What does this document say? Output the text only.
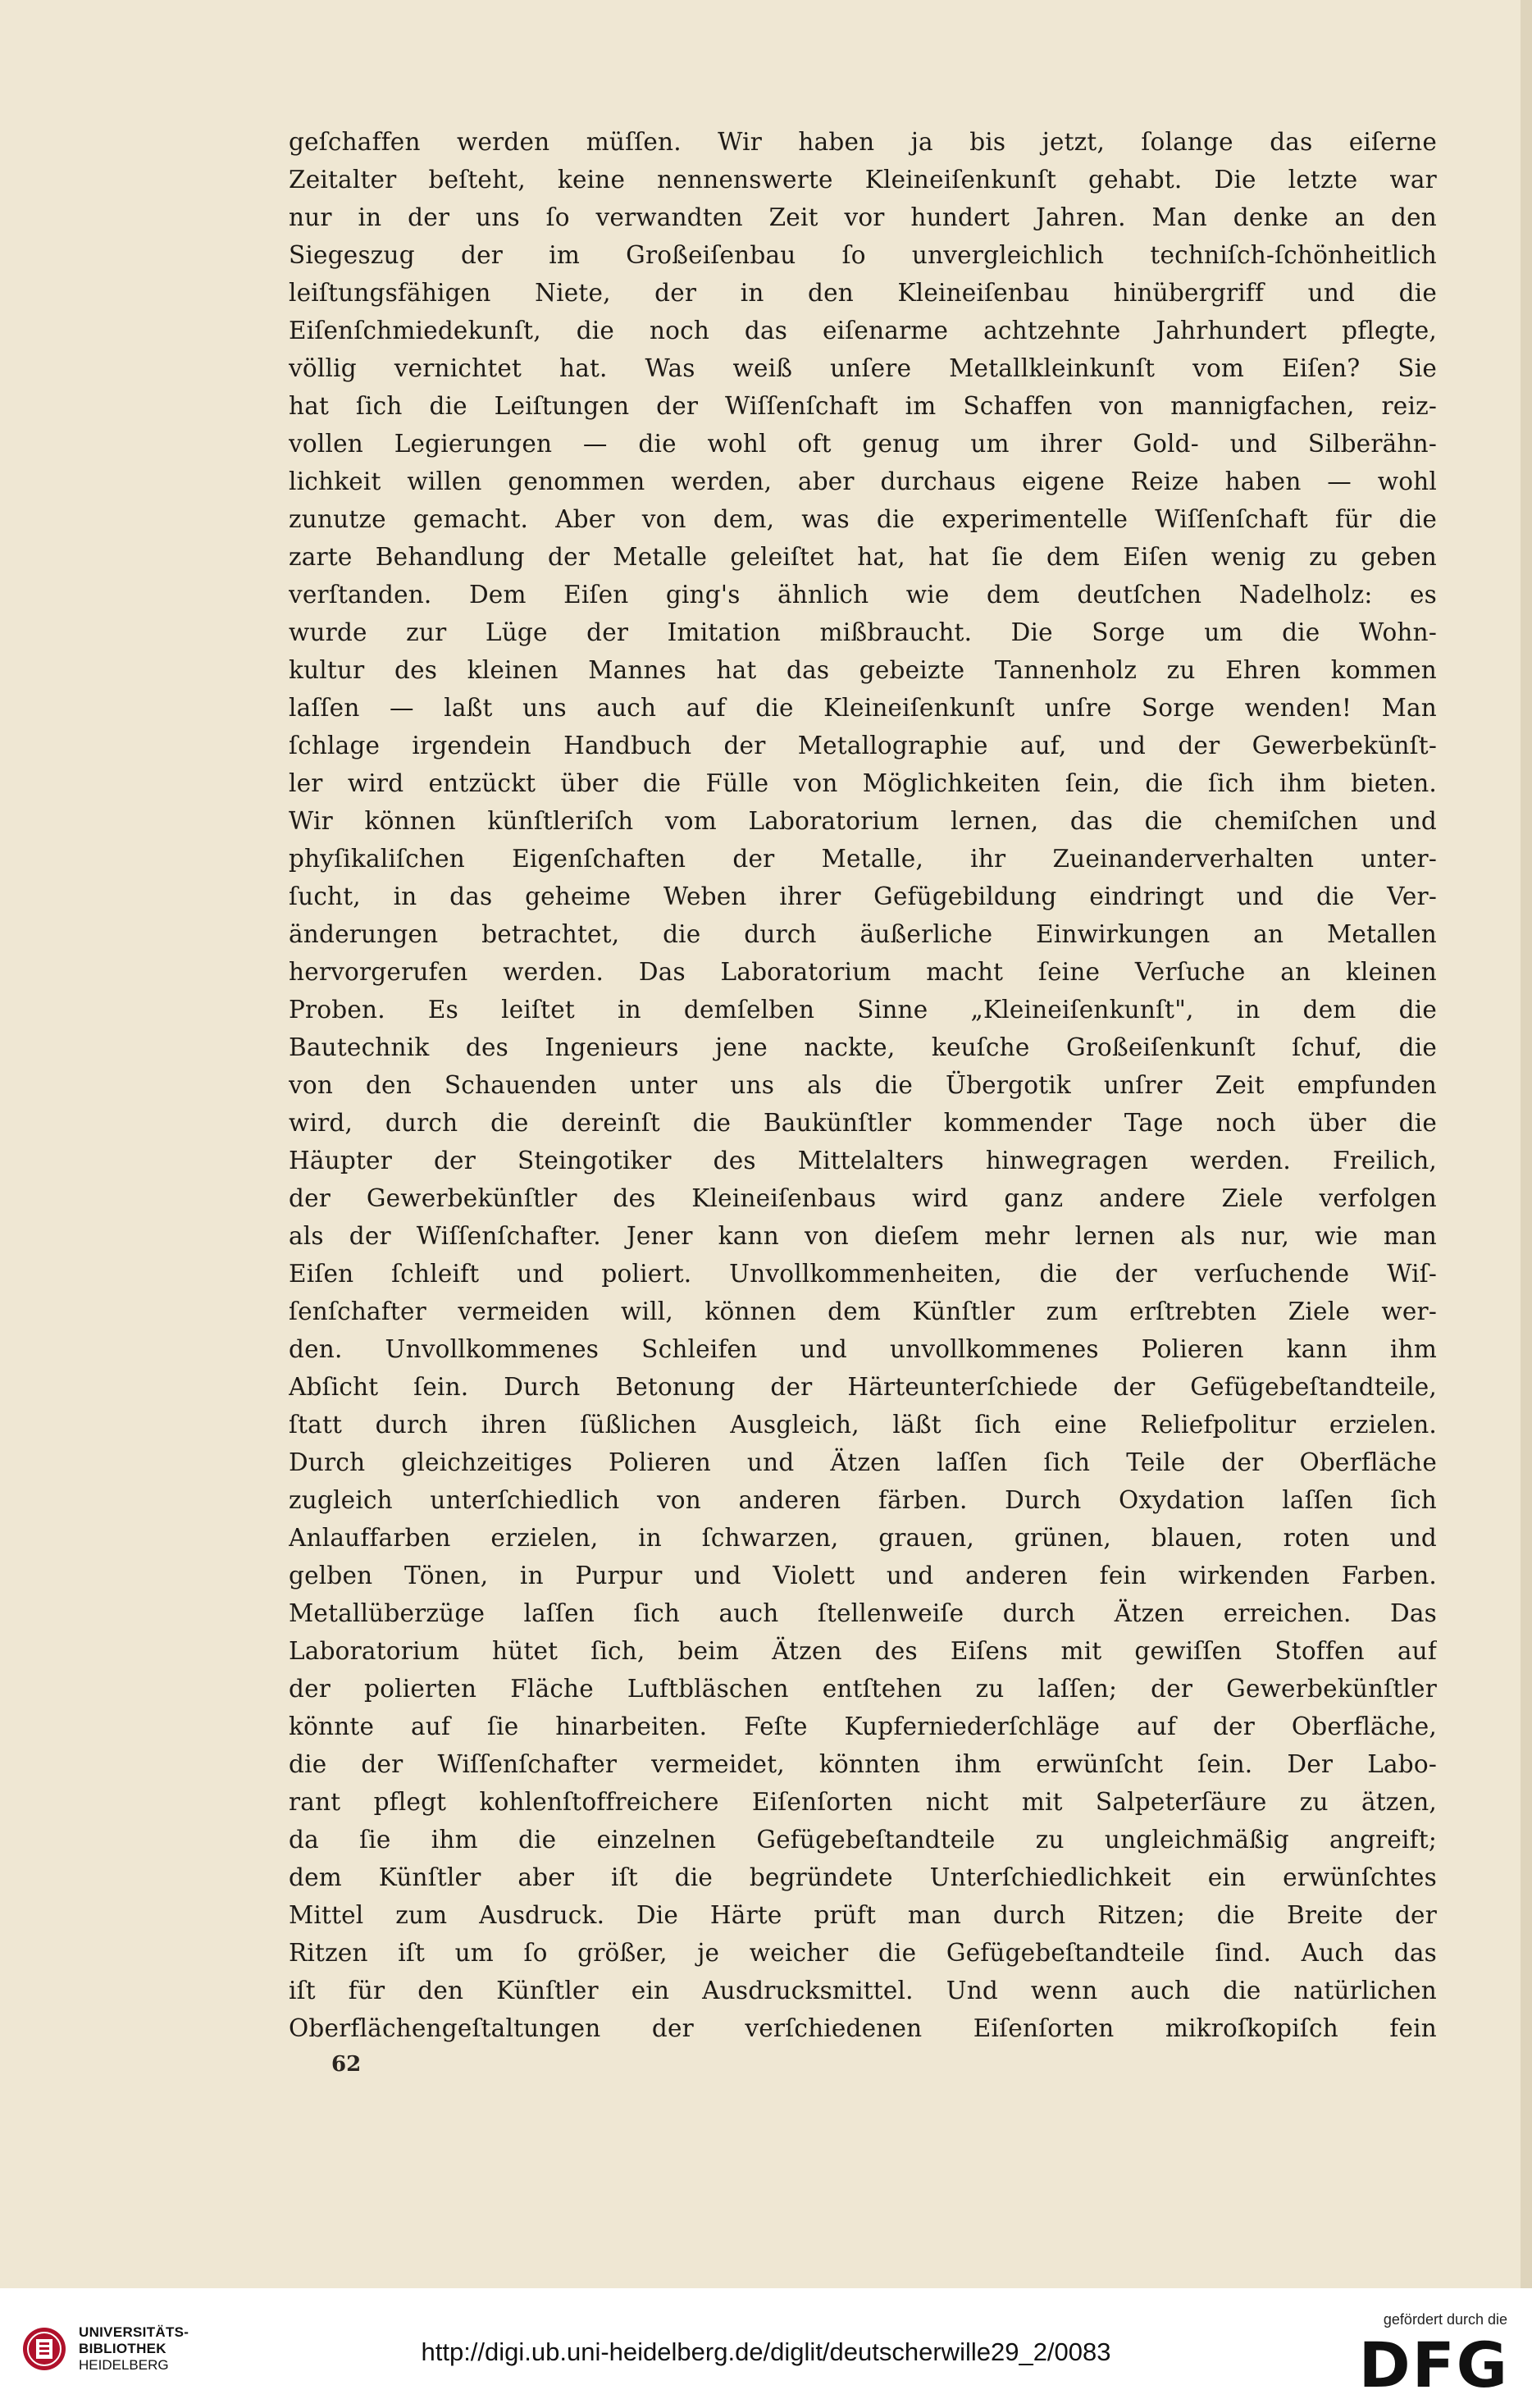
geſchaffen werden müſſen. Wir haben ja bis jetzt, ſolange das eiſerne
Zeitalter beſteht, keine nennenswerte Kleineiſenkunſt gehabt. Die letzte war
nur in der uns ſo verwandten Zeit vor hundert Jahren. Man denke an den
Siegeszug der im Großeiſenbau ſo unvergleichlich techniſch-ſchönheitlich
leiſtungsfähigen Niete, der in den Kleineiſenbau hinübergriff und die
Eiſenſchmiedekunſt, die noch das eiſenarme achtzehnte Jahrhundert pflegte,
völlig vernichtet hat. Was weiß unſere Metallkleinkunſt vom Eiſen? Sie
hat ſich die Leiſtungen der Wiſſenſchaft im Schaffen von mannigfachen, reiz-
vollen Legierungen — die wohl oft genug um ihrer Gold- und Silberähn-
lichkeit willen genommen werden, aber durchaus eigene Reize haben — wohl
zunutze gemacht. Aber von dem, was die experimentelle Wiſſenſchaft für die
zarte Behandlung der Metalle geleiſtet hat, hat ſie dem Eiſen wenig zu geben
verſtanden. Dem Eiſen ging's ähnlich wie dem deutſchen Nadelholz: es
wurde zur Lüge der Imitation mißbraucht. Die Sorge um die Wohn-
kultur des kleinen Mannes hat das gebeizte Tannenholz zu Ehren kommen
laſſen — laßt uns auch auf die Kleineiſenkunſt unſre Sorge wenden! Man
ſchlage irgendein Handbuch der Metallographie auf, und der Gewerbekünſt-
ler wird entzückt über die Fülle von Möglichkeiten ſein, die ſich ihm bieten.
Wir können künſtleriſch vom Laboratorium lernen, das die chemiſchen und
phyſikaliſchen Eigenſchaften der Metalle, ihr Zueinanderverhalten unter-
ſucht, in das geheime Weben ihrer Gefügebildung eindringt und die Ver-
änderungen betrachtet, die durch äußerliche Einwirkungen an Metallen
hervorgerufen werden. Das Laboratorium macht ſeine Verſuche an kleinen
Proben. Es leiſtet in demſelben Sinne „Kleineiſenkunſt", in dem die
Bautechnik des Ingenieurs jene nackte, keuſche Großeiſenkunſt ſchuf, die
von den Schauenden unter uns als die Übergotik unſrer Zeit empfunden
wird, durch die dereinſt die Baukünſtler kommender Tage noch über die
Häupter der Steingotiker des Mittelalters hinwegragen werden. Freilich,
der Gewerbekünſtler des Kleineiſenbaus wird ganz andere Ziele verfolgen
als der Wiſſenſchafter. Jener kann von dieſem mehr lernen als nur, wie man
Eiſen ſchleift und poliert. Unvollkommenheiten, die der verſuchende Wiſ-
ſenſchafter vermeiden will, können dem Künſtler zum erſtrebten Ziele wer-
den. Unvollkommenes Schleifen und unvollkommenes Polieren kann ihm
Abſicht ſein. Durch Betonung der Härteunterſchiede der Gefügebeſtandteile,
ſtatt durch ihren ſüßlichen Ausgleich, läßt ſich eine Reliefpolitur erzielen.
Durch gleichzeitiges Polieren und Ätzen laſſen ſich Teile der Oberfläche
zugleich unterſchiedlich von anderen färben. Durch Oxydation laſſen ſich
Anlauffarben erzielen, in ſchwarzen, grauen, grünen, blauen, roten und
gelben Tönen, in Purpur und Violett und anderen fein wirkenden Farben.
Metallüberzüge laſſen ſich auch ſtellenweiſe durch Ätzen erreichen. Das
Laboratorium hütet ſich, beim Ätzen des Eiſens mit gewiſſen Stoffen auf
der polierten Fläche Luftbläschen entſtehen zu laſſen; der Gewerbekünſtler
könnte auf ſie hinarbeiten. Feſte Kupferniederſchläge auf der Oberfläche,
die der Wiſſenſchafter vermeidet, könnten ihm erwünſcht ſein. Der Labo-
rant pflegt kohlenſtoffreichere Eiſenſorten nicht mit Salpeterſäure zu ätzen,
da ſie ihm die einzelnen Gefügebeſtandteile zu ungleichmäßig angreift;
dem Künſtler aber iſt die begründete Unterſchiedlichkeit ein erwünſchtes
Mittel zum Ausdruck. Die Härte prüft man durch Ritzen; die Breite der
Ritzen iſt um ſo größer, je weicher die Gefügebeſtandteile ſind. Auch das
iſt für den Künſtler ein Ausdrucksmittel. Und wenn auch die natürlichen
Oberflächengeſtaltungen der verſchiedenen Eiſenſorten mikroſkopiſch fein
62
UNIVERSITÄTS-
BIBLIOTHEK
HEIDELBERG	http://digi.ub.uni-heidelberg.de/diglit/deutscherwille29_2/0083
gefördert durch die
DFG
